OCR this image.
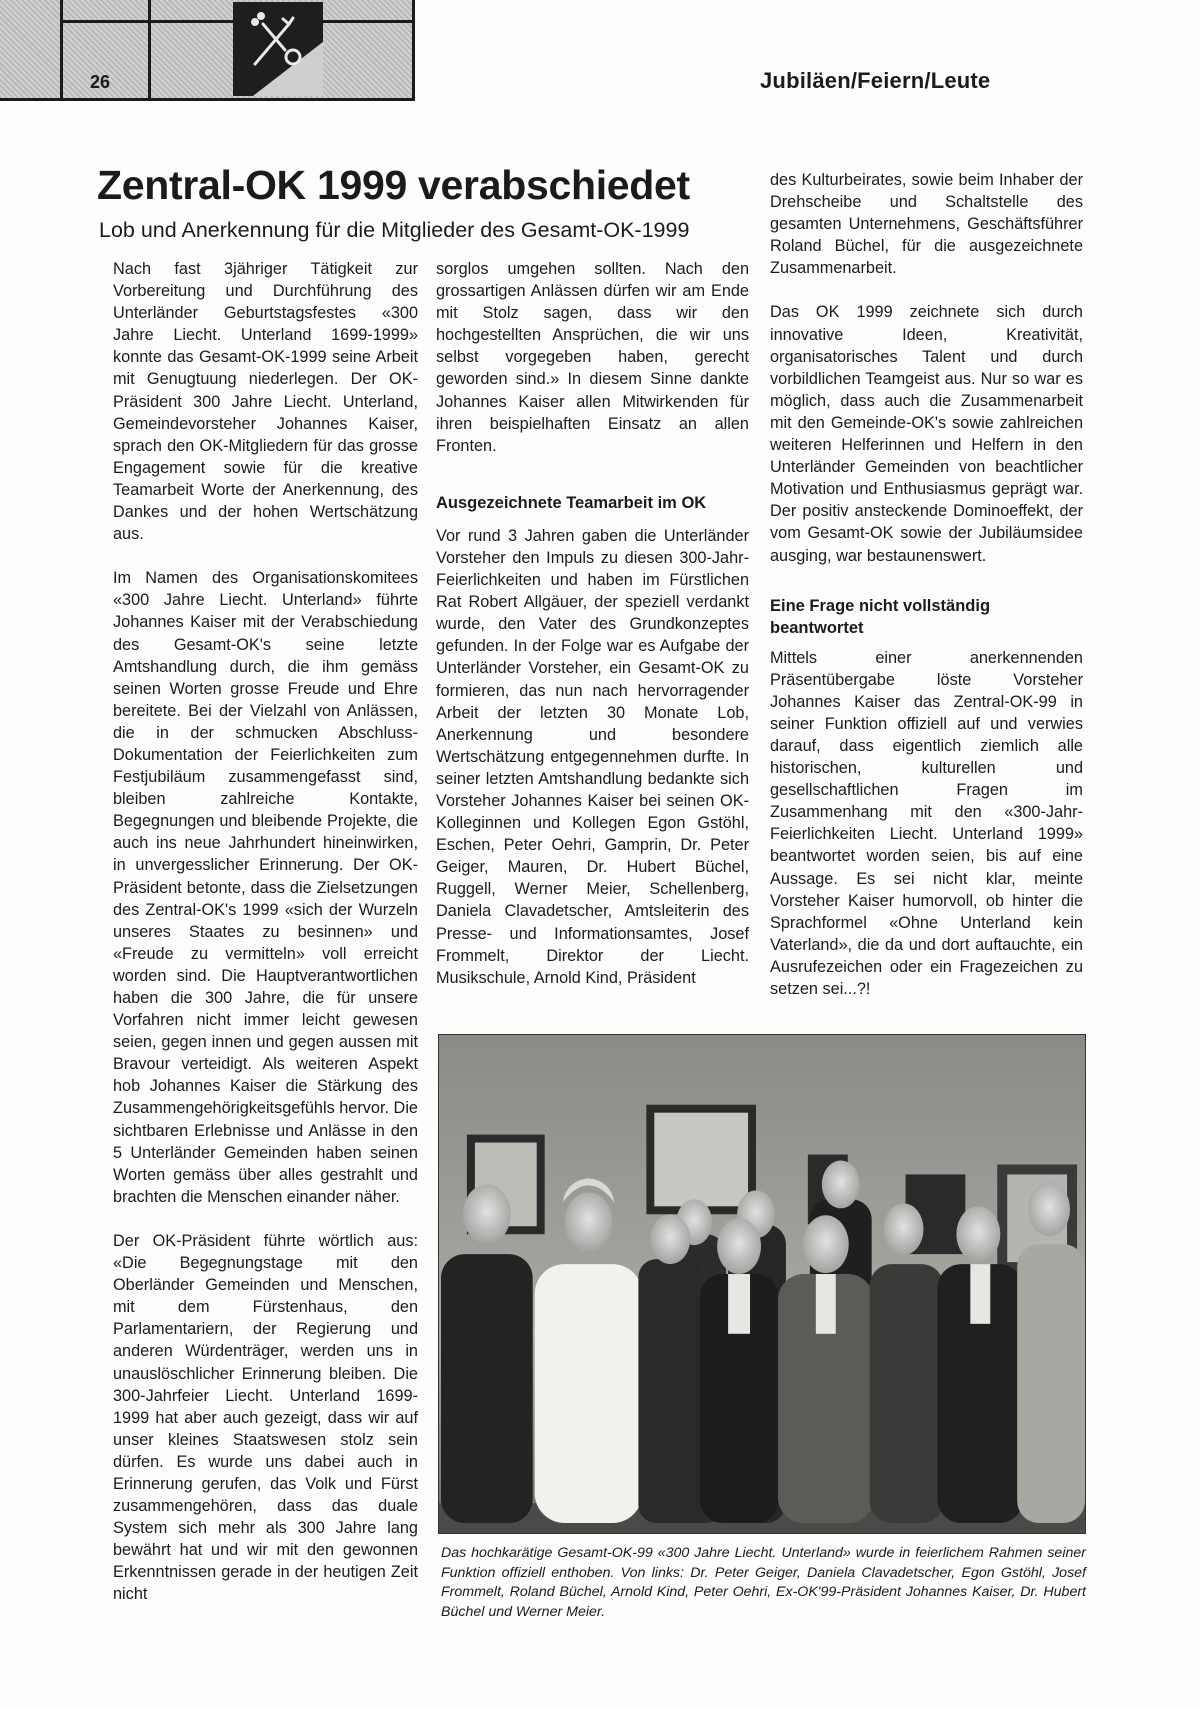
26	Jubiläen/Feiern/Leute
Zentral-OK 1999 verabschiedet
Lob und Anerkennung für die Mitglieder des Gesamt-OK-1999

Nach fast 3jähriger Tätigkeit zur Vorbereitung und Durchführung des Unterländer Geburtstagsfestes «300 Jahre Liecht. Unterland 1699-1999» konnte das Gesamt-OK-1999 seine Arbeit mit Genugtuung niederlegen. Der OK-Präsident 300 Jahre Liecht. Unterland, Gemeindevorsteher Johannes Kaiser, sprach den OK-Mitgliedern für das grosse Engagement sowie für die kreative Teamarbeit Worte der Anerkennung, des Dankes und der hohen Wertschätzung aus.

Im Namen des Organisationskomitees «300 Jahre Liecht. Unterland» führte Johannes Kaiser mit der Verabschiedung des Gesamt-OK's seine letzte Amtshandlung durch, die ihm gemäss seinen Worten grosse Freude und Ehre bereitete. Bei der Vielzahl von Anlässen, die in der schmucken Abschluss-Dokumentation der Feierlichkeiten zum Festjubiläum zusammengefasst sind, bleiben zahlreiche Kontakte, Begegnungen und bleibende Projekte, die auch ins neue Jahrhundert hineinwirken, in unvergesslicher Erinnerung. Der OK-Präsident betonte, dass die Zielsetzungen des Zentral-OK's 1999 «sich der Wurzeln unseres Staates zu besinnen» und «Freude zu vermitteln» voll erreicht worden sind. Die Hauptverantwortlichen haben die 300 Jahre, die für unsere Vorfahren nicht immer leicht gewesen seien, gegen innen und gegen aussen mit Bravour verteidigt. Als weiteren Aspekt hob Johannes Kaiser die Stärkung des Zusammengehörigkeitsgefühls hervor. Die sichtbaren Erlebnisse und Anlässe in den 5 Unterländer Gemeinden haben seinen Worten gemäss über alles gestrahlt und brachten die Menschen einander näher.

Der OK-Präsident führte wörtlich aus: «Die Begegnungstage mit den Oberländer Gemeinden und Menschen, mit dem Fürstenhaus, den Parlamentariern, der Regierung und anderen Würdenträger, werden uns in unauslöschlicher Erinnerung bleiben. Die 300-Jahrfeier Liecht. Unterland 1699-1999 hat aber auch gezeigt, dass wir auf unser kleines Staatswesen stolz sein dürfen. Es wurde uns dabei auch in Erinnerung gerufen, das Volk und Fürst zusammengehören, dass das duale System sich mehr als 300 Jahre lang bewährt hat und wir mit den gewonnen Erkenntnissen gerade in der heutigen Zeit nicht

sorglos umgehen sollten. Nach den grossartigen Anlässen dürfen wir am Ende mit Stolz sagen, dass wir den hochgestellten Ansprüchen, die wir uns selbst vorgegeben haben, gerecht geworden sind.» In diesem Sinne dankte Johannes Kaiser allen Mitwirkenden für ihren beispielhaften Einsatz an allen Fronten.

Ausgezeichnete Teamarbeit im OK

Vor rund 3 Jahren gaben die Unterländer Vorsteher den Impuls zu diesen 300-Jahr-Feierlichkeiten und haben im Fürstlichen Rat Robert Allgäuer, der speziell verdankt wurde, den Vater des Grundkonzeptes gefunden. In der Folge war es Aufgabe der Unterländer Vorsteher, ein Gesamt-OK zu formieren, das nun nach hervorragender Arbeit der letzten 30 Monate Lob, Anerkennung und besondere Wertschätzung entgegennehmen durfte. In seiner letzten Amtshandlung bedankte sich Vorsteher Johannes Kaiser bei seinen OK-Kolleginnen und Kollegen Egon Gstöhl, Eschen, Peter Oehri, Gamprin, Dr. Peter Geiger, Mauren, Dr. Hubert Büchel, Ruggell, Werner Meier, Schellenberg, Daniela Clavadetscher, Amtsleiterin des Presse- und Informationsamtes, Josef Frommelt, Direktor der Liecht. Musikschule, Arnold Kind, Präsident

des Kulturbeirates, sowie beim Inhaber der Drehscheibe und Schaltstelle des gesamten Unternehmens, Geschäftsführer Roland Büchel, für die ausgezeichnete Zusammenarbeit.

Das OK 1999 zeichnete sich durch innovative Ideen, Kreativität, organisatorisches Talent und durch vorbildlichen Teamgeist aus. Nur so war es möglich, dass auch die Zusammenarbeit mit den Gemeinde-OK's sowie zahlreichen weiteren Helferinnen und Helfern in den Unterländer Gemeinden von beachtlicher Motivation und Enthusiasmus geprägt war. Der positiv ansteckende Dominoeffekt, der vom Gesamt-OK sowie der Jubiläumsidee ausging, war bestaunenswert.

Eine Frage nicht vollständig beantwortet

Mittels einer anerkennenden Präsentübergabe löste Vorsteher Johannes Kaiser das Zentral-OK-99 in seiner Funktion offiziell auf und verwies darauf, dass eigentlich ziemlich alle historischen, kulturellen und gesellschaftlichen Fragen im Zusammenhang mit den «300-Jahr-Feierlichkeiten Liecht. Unterland 1999» beantwortet worden seien, bis auf eine Aussage. Es sei nicht klar, meinte Vorsteher Kaiser humorvoll, ob hinter die Sprachformel «Ohne Unterland kein Vaterland», die da und dort auftauchte, ein Ausrufezeichen oder ein Fragezeichen zu setzen sei...?!

Das hochkarätige Gesamt-OK-99 «300 Jahre Liecht. Unterland» wurde in feierlichem Rahmen seiner Funktion offiziell enthoben. Von links: Dr. Peter Geiger, Daniela Clavadetscher, Egon Gstöhl, Josef Frommelt, Roland Büchel, Arnold Kind, Peter Oehri, Ex-OK'99-Präsident Johannes Kaiser, Dr. Hubert Büchel und Werner Meier.
